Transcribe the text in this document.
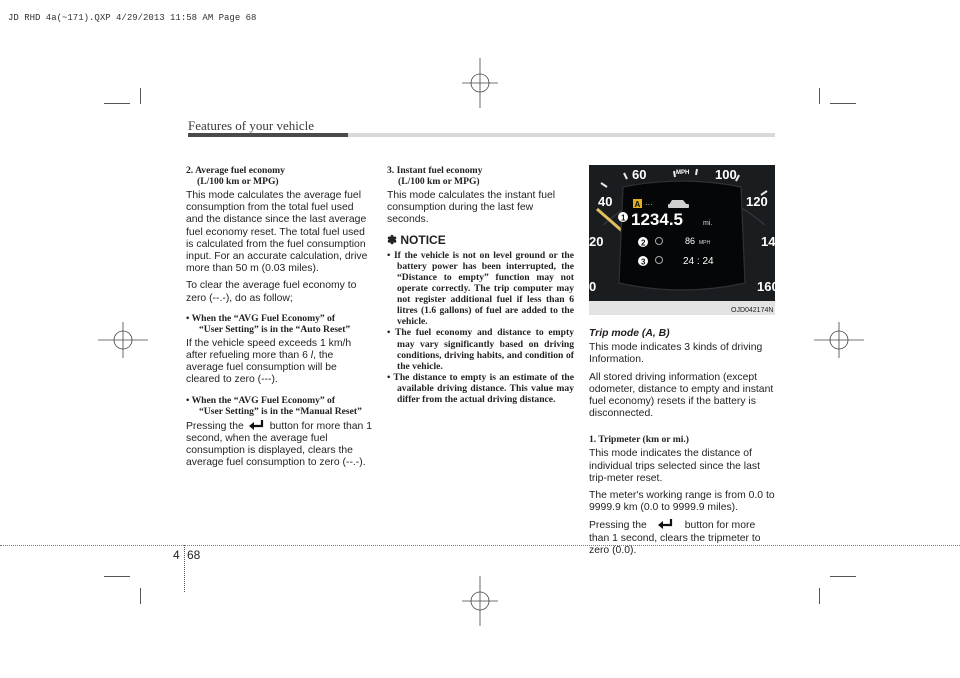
JD RHD 4a(~171).QXP 4/29/2013 11:58 AM Page 68
Features of your vehicle
2. Average fuel economy
(L/100 km or MPG)

This mode calculates the average fuel consumption from the total fuel used and the distance since the last average fuel economy reset. The total fuel used is calculated from the fuel consumption input. For an accurate calculation, drive more than 50 m (0.03 miles).

To clear the average fuel economy to zero (--.-), do as follow;

• When the “AVG Fuel Economy” of
“User Setting” is in the “Auto Reset”

If the vehicle speed exceeds 1 km/h after refueling more than 6 l, the average fuel consumption will be cleared to zero (---).

• When the “AVG Fuel Economy” of
“User Setting” is in the “Manual Reset”

Pressing the	button for more than 1 second, when the average fuel consumption is displayed, clears the average fuel consumption to zero (--.-).

3. Instant fuel economy
(L/100 km or MPG)

This mode calculates the instant fuel consumption during the last few seconds.

✽ NOTICE
• If the vehicle is not on level ground or the battery power has been interrupted, the “Distance to empty” function may not operate correctly. The trip computer may not register additional fuel if less than 6 litres (1.6 gallons) of fuel are added to the vehicle.
• The fuel economy and distance to empty may vary significantly based on driving conditions, driving habits, and condition of the vehicle.
• The distance to empty is an estimate of the available driving distance. This value may differ from the actual driving distance.
60	100
40	120
20	14
0	160
MPH
A ···
1
2
3
1234.5	mi.
86 MPH
24 : 24
OJD042174N
Trip mode (A, B)

This mode indicates 3 kinds of driving Information.

All stored driving information (except odometer, distance to empty and instant fuel economy) resets if the battery is disconnected.

1. Tripmeter (km or mi.)

This mode indicates the distance of individual trips selected since the last trip-meter reset.

The meter's working range is from 0.0 to 9999.9 km (0.0 to 9999.9 miles).

Pressing the	button for more than 1 second, clears the tripmeter to zero (0.0).

4 68
